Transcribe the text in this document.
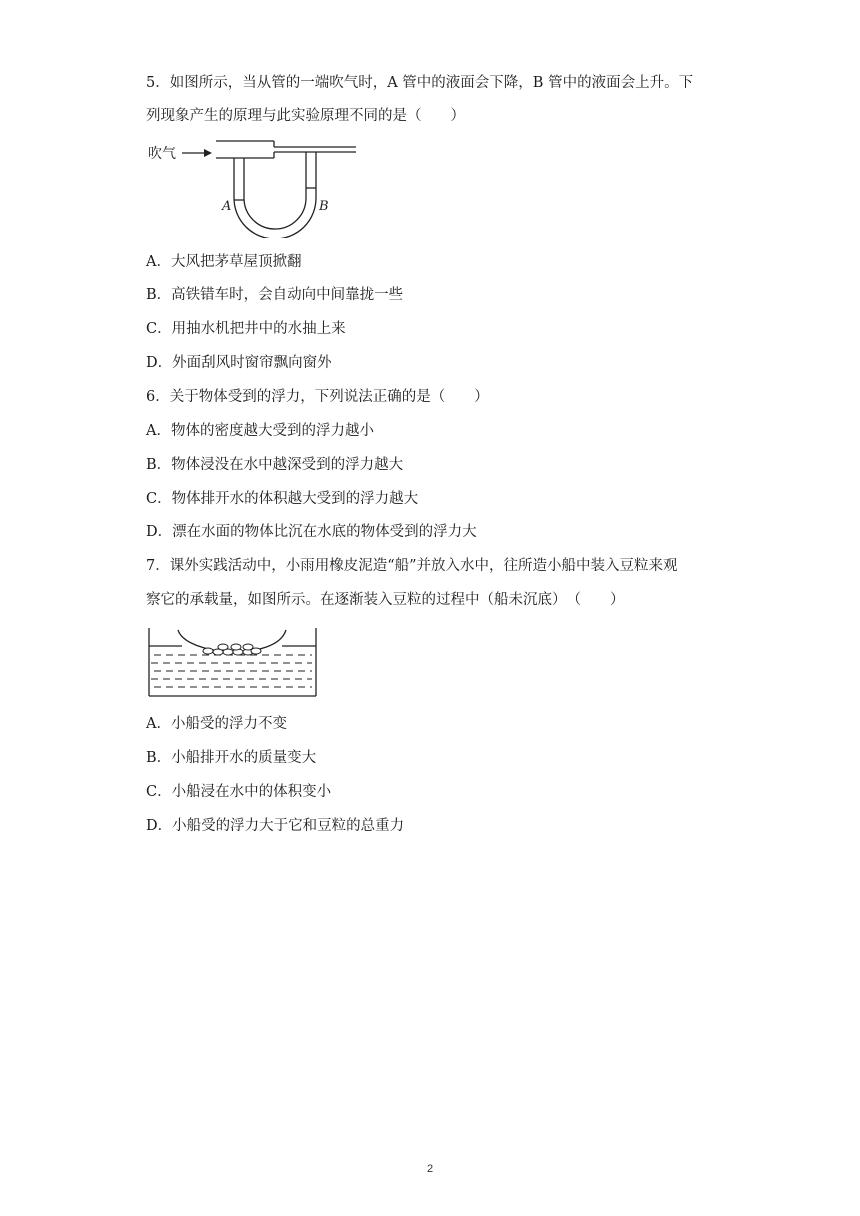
5．如图所示，当从管的一端吹气时，A 管中的液面会下降，B 管中的液面会上升。下
列现象产生的原理与此实验原理不同的是（　　）
吹气
A	B
A．大风把茅草屋顶掀翻
B．高铁错车时，会自动向中间靠拢一些
C．用抽水机把井中的水抽上来
D．外面刮风时窗帘飘向窗外
6．关于物体受到的浮力，下列说法正确的是（　　）
A．物体的密度越大受到的浮力越小
B．物体浸没在水中越深受到的浮力越大
C．物体排开水的体积越大受到的浮力越大
D．漂在水面的物体比沉在水底的物体受到的浮力大
7．课外实践活动中，小雨用橡皮泥造“船”并放入水中，往所造小船中装入豆粒来观
察它的承载量，如图所示。在逐渐装入豆粒的过程中（船未沉底）　（　　）
A．小船受的浮力不变
B．小船排开水的质量变大
C．小船浸在水中的体积变小
D．小船受的浮力大于它和豆粒的总重力
2
